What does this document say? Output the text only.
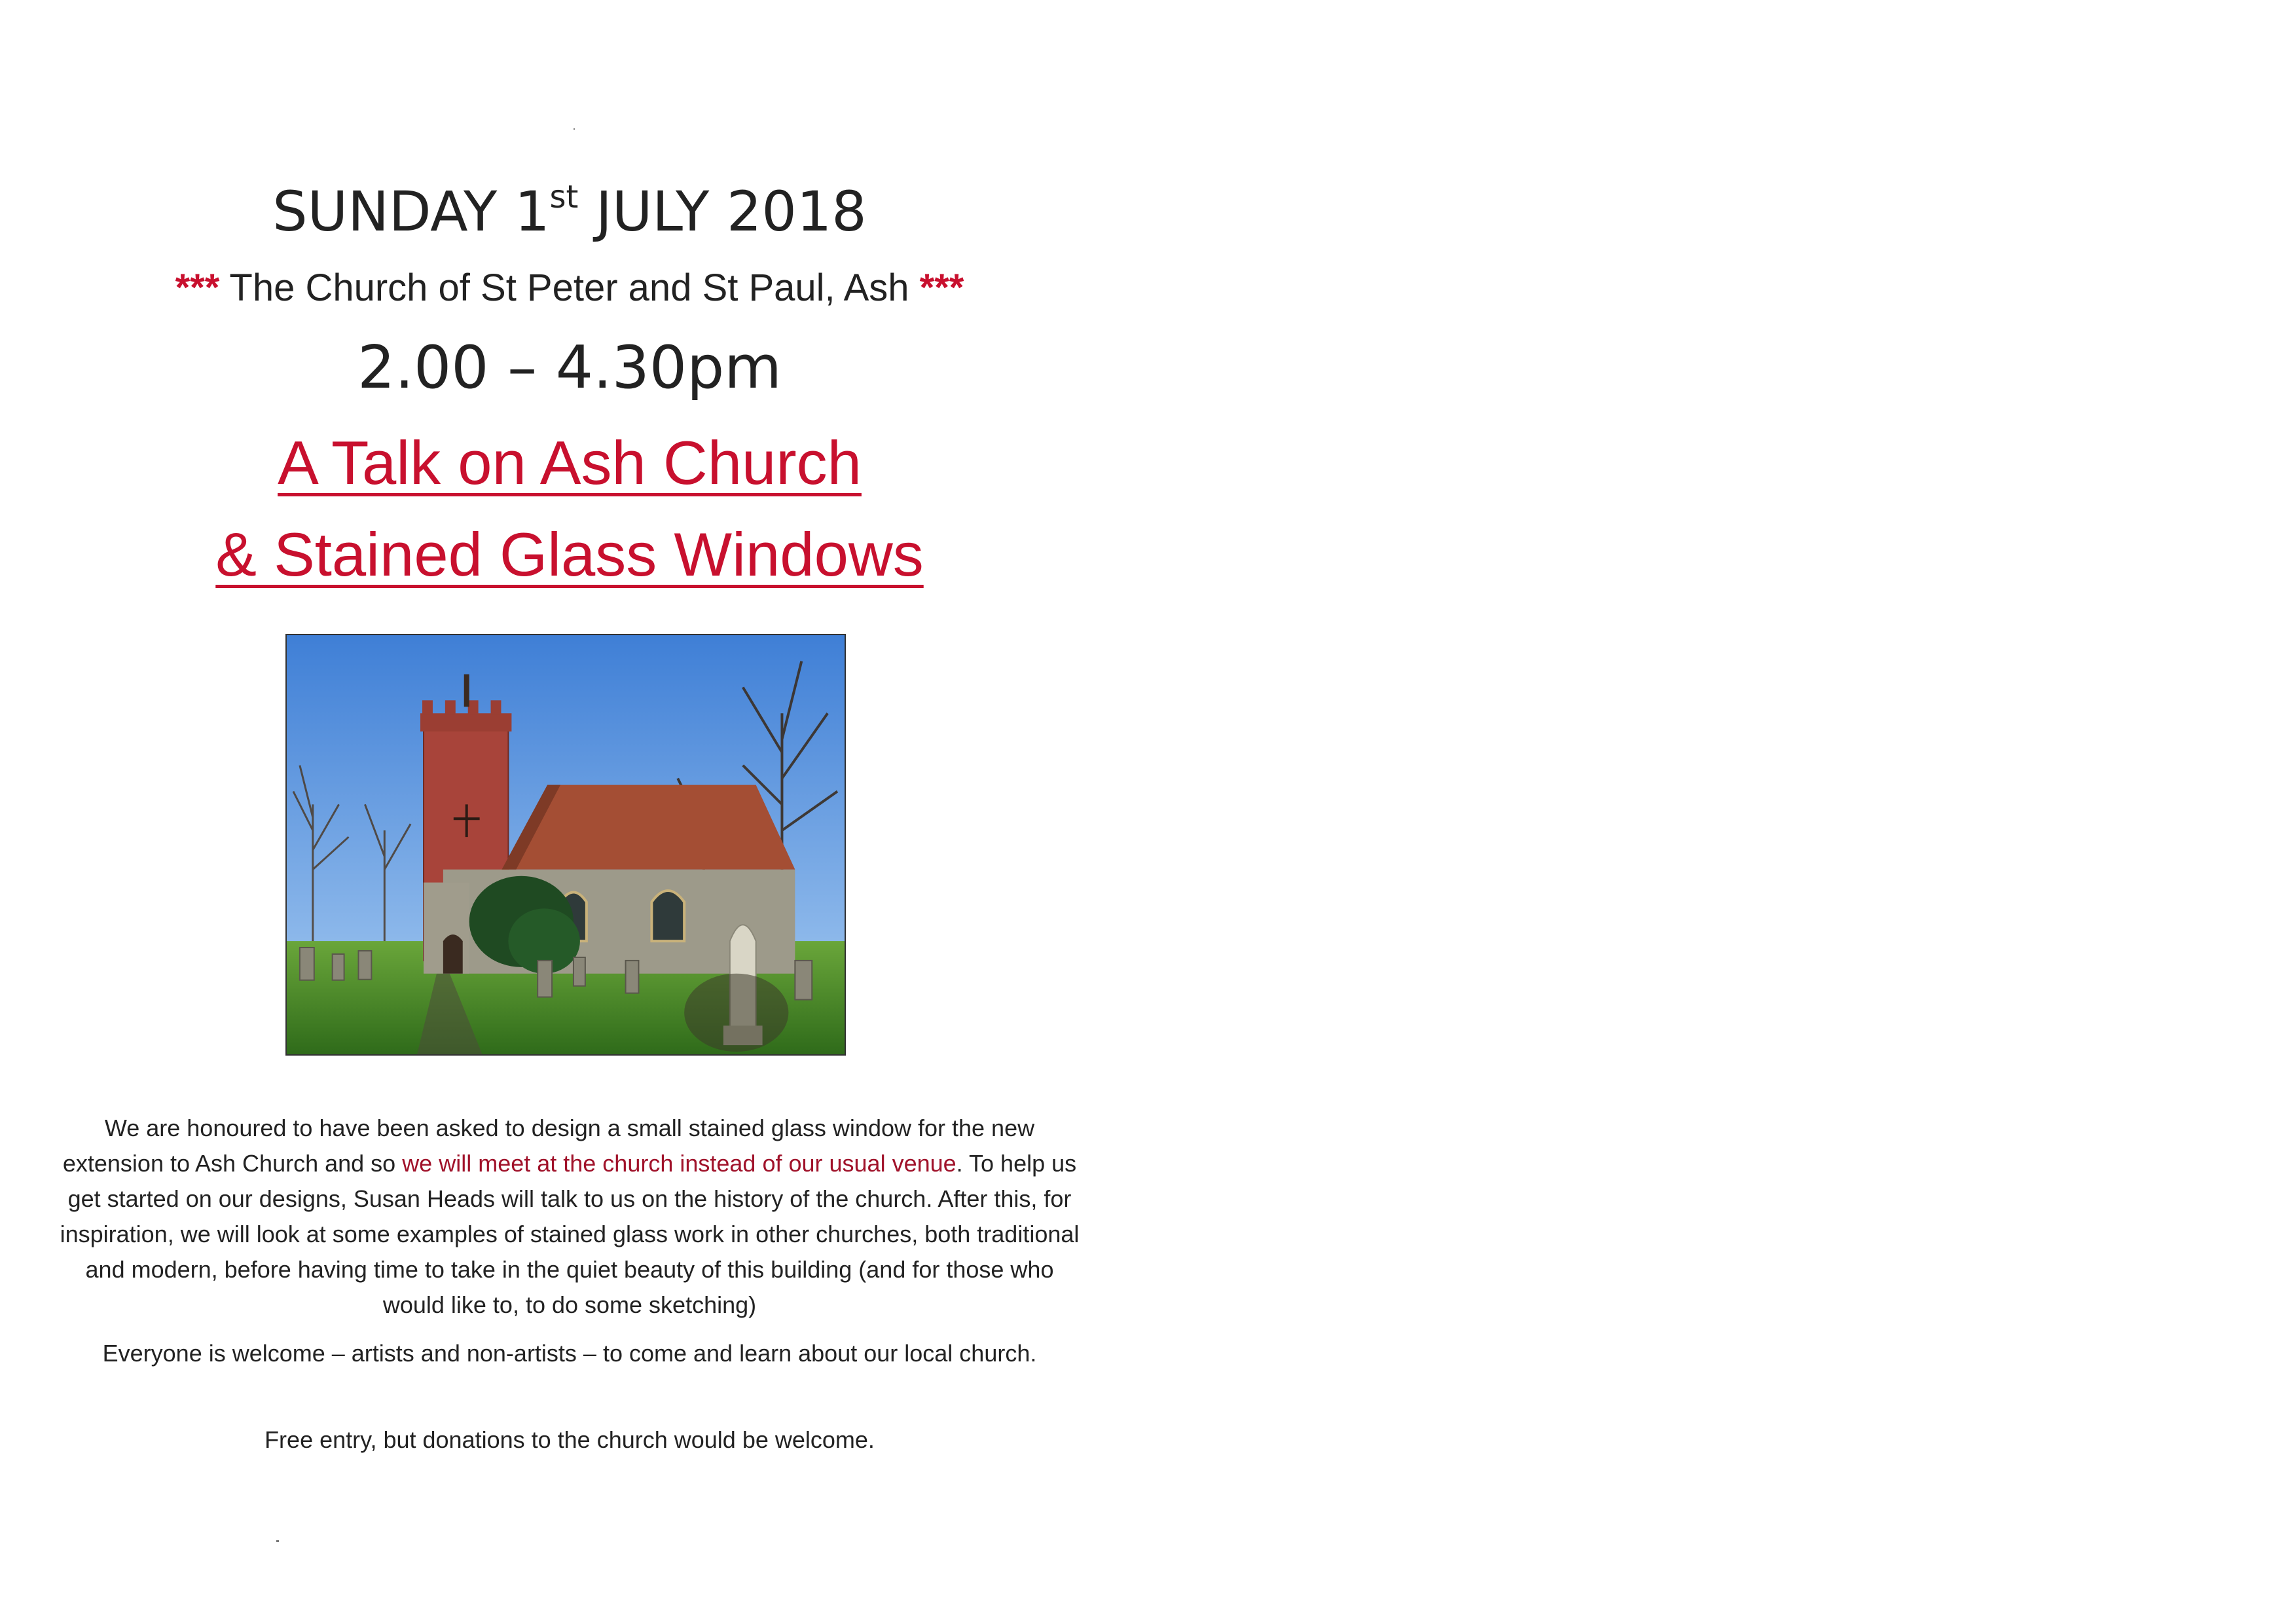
SUNDAY 1st JULY 2018
*** The Church of St Peter and St Paul, Ash ***
2.00 – 4.30pm
A Talk on Ash Church
& Stained Glass Windows
We are honoured to have been asked to design a small stained glass window for the new extension to Ash Church and so we will meet at the church instead of our usual venue. To help us get started on our designs, Susan Heads will talk to us on the history of the church. After this, for inspiration, we will look at some examples of stained glass work in other churches, both traditional and modern, before having time to take in the quiet beauty of this building (and for those who would like to, to do some sketching)
Everyone is welcome – artists and non-artists – to come and learn about our local church.
Free entry, but donations to the church would be welcome.
